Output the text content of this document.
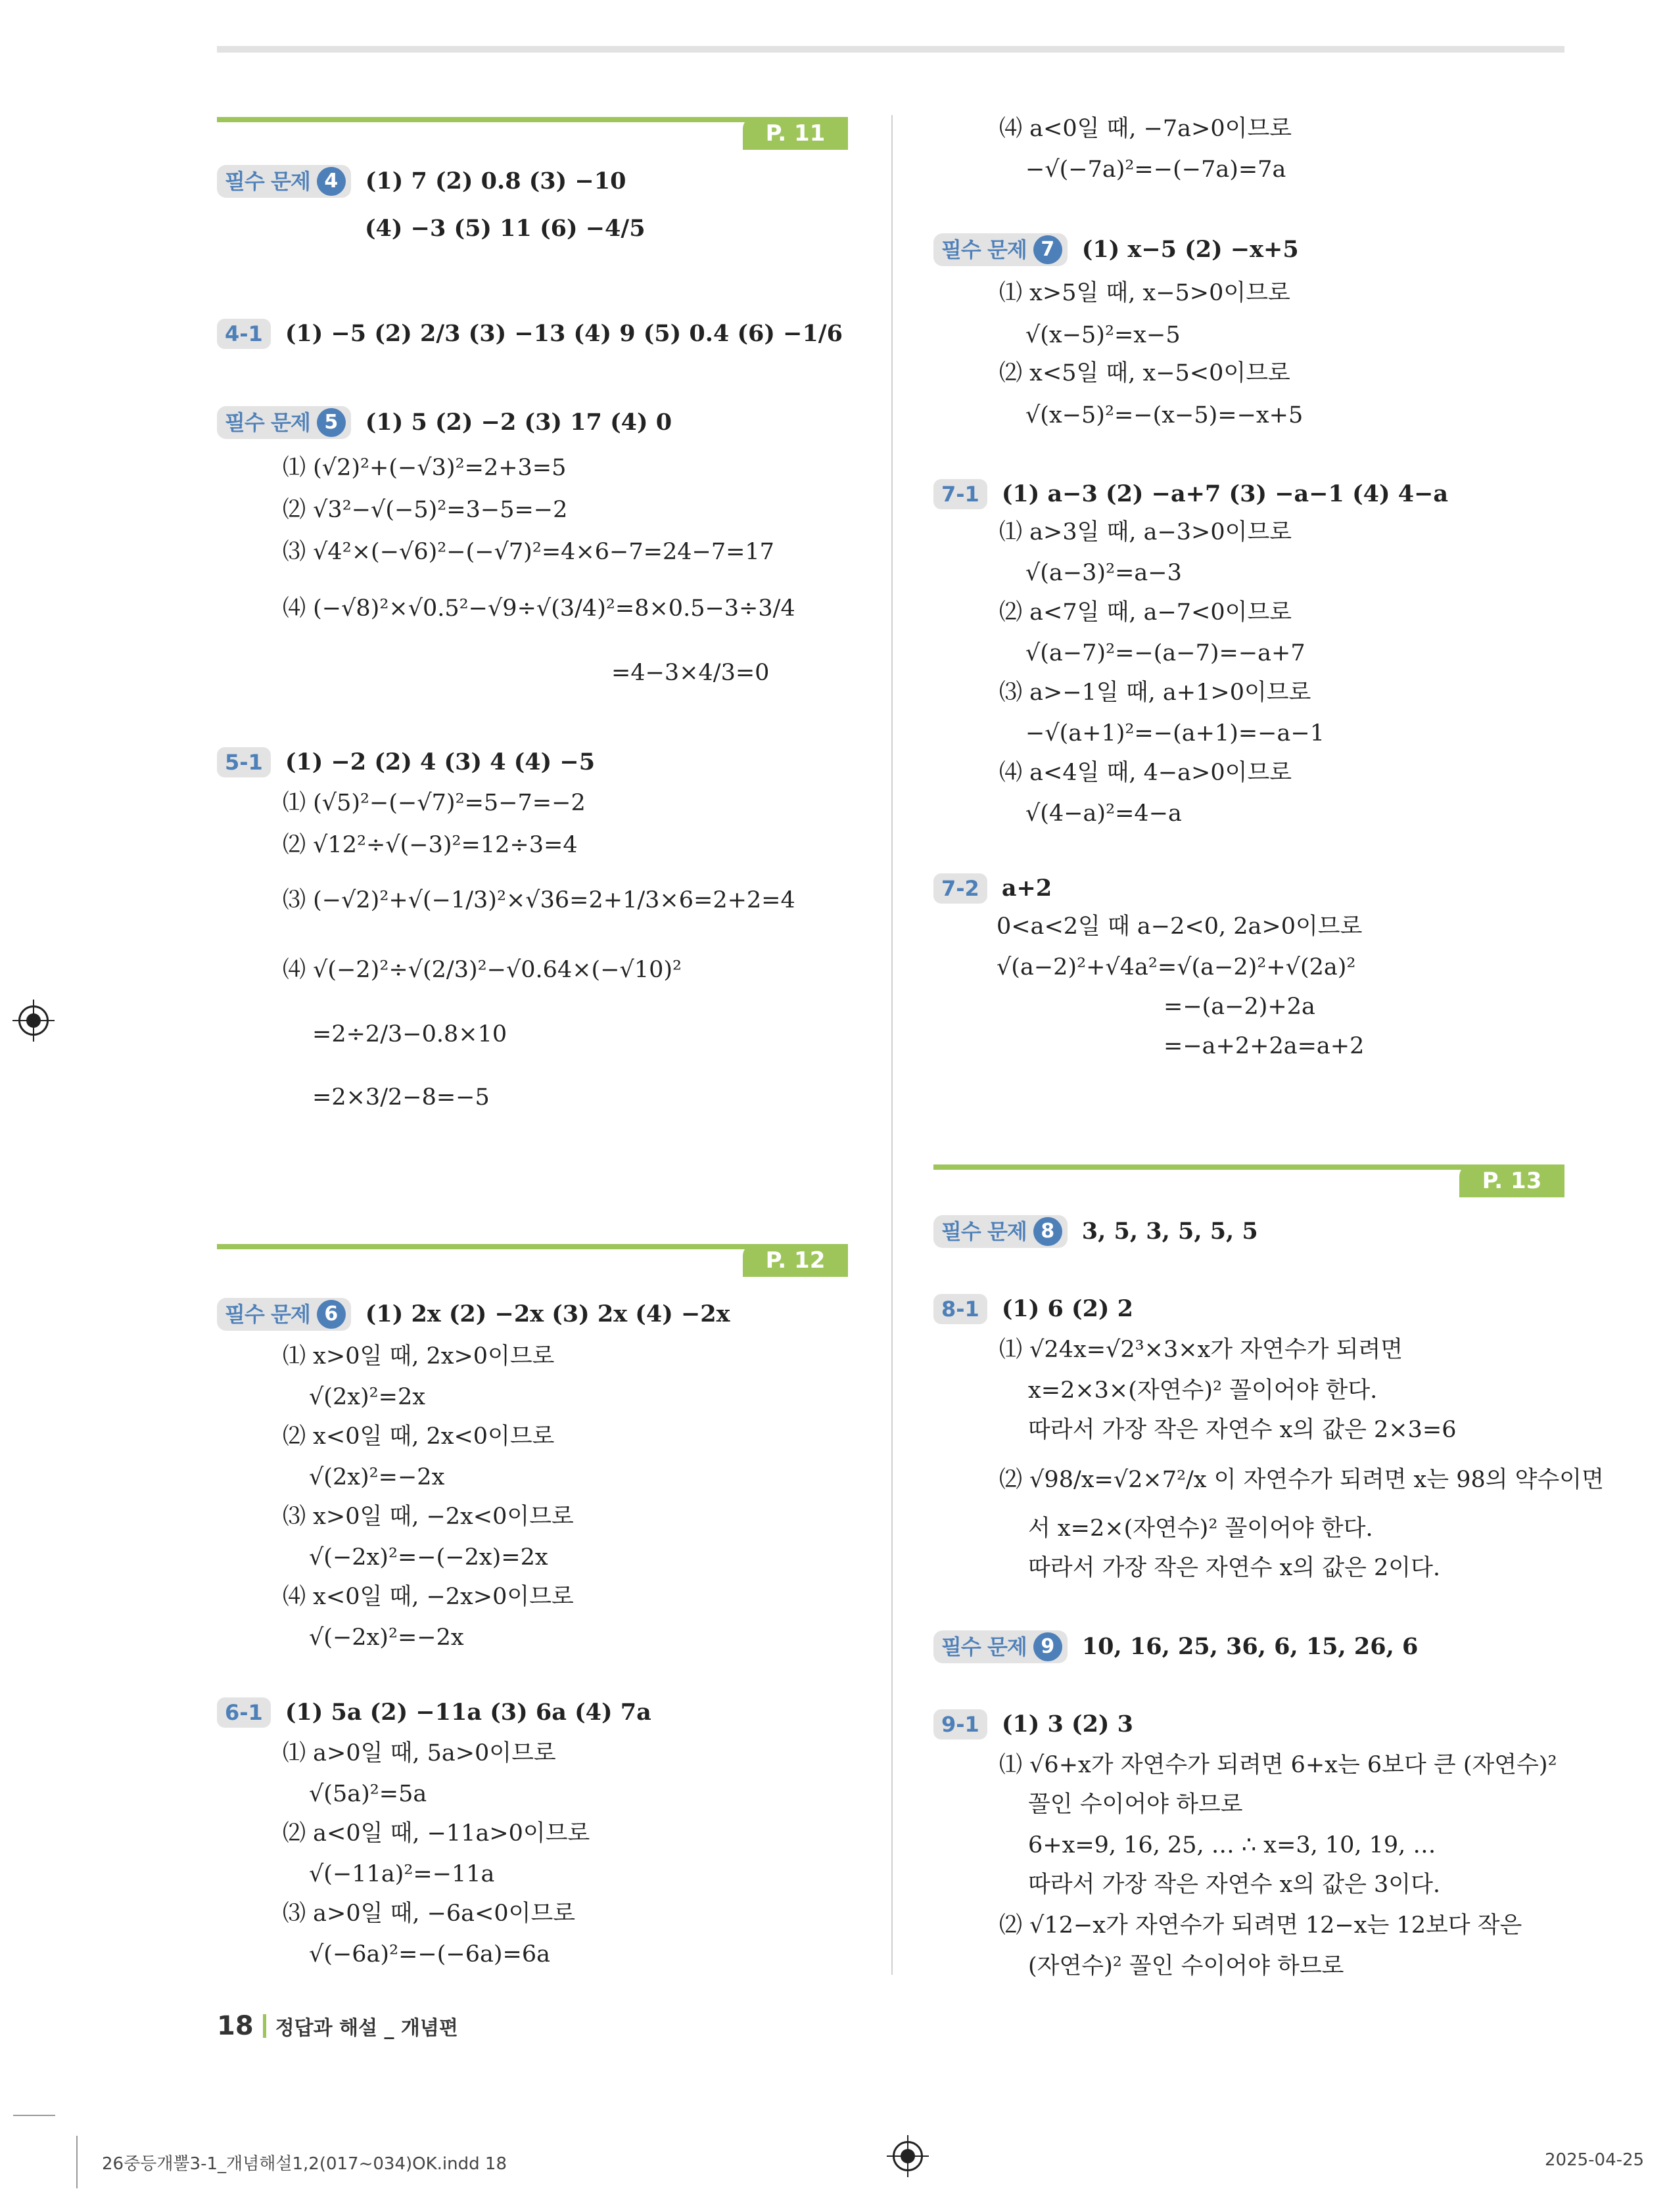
P. 11
필수 문제 4	(1) 7 (2) 0.8 (3) −10
(4) −3 (5) 11 (6) −4/5
4-1 (1) −5 (2) 2/3 (3) −13 (4) 9 (5) 0.4 (6) −1/6
필수 문제 5	(1) 5 (2) −2 (3) 17 (4) 0
⑴ (√2)²+(−√3)²=2+3=5
⑵ √3²−√(−5)²=3−5=−2
⑶ √4²×(−√6)²−(−√7)²=4×6−7=24−7=17
⑷ (−√8)²×√0.5²−√9÷√(3/4)²=8×0.5−3÷3/4
=4−3×4/3=0
5-1 (1) −2 (2) 4 (3) 4 (4) −5
⑴ (√5)²−(−√7)²=5−7=−2
⑵ √12²÷√(−3)²=12÷3=4
⑶ (−√2)²+√(−1/3)²×√36=2+1/3×6=2+2=4
⑷ √(−2)²÷√(2/3)²−√0.64×(−√10)²
=2÷2/3−0.8×10
=2×3/2−8=−5
P. 12
필수 문제 6	(1) 2x (2) −2x (3) 2x (4) −2x
⑴ x>0일 때, 2x>0이므로
√(2x)²=2x
⑵ x<0일 때, 2x<0이므로
√(2x)²=−2x
⑶ x>0일 때, −2x<0이므로
√(−2x)²=−(−2x)=2x
⑷ x<0일 때, −2x>0이므로
√(−2x)²=−2x
6-1 (1) 5a (2) −11a (3) 6a (4) 7a
⑴ a>0일 때, 5a>0이므로
√(5a)²=5a
⑵ a<0일 때, −11a>0이므로
√(−11a)²=−11a
⑶ a>0일 때, −6a<0이므로
√(−6a)²=−(−6a)=6a
⑷ a<0일 때, −7a>0이므로
−√(−7a)²=−(−7a)=7a
필수 문제 7	(1) x−5 (2) −x+5
⑴ x>5일 때, x−5>0이므로
√(x−5)²=x−5
⑵ x<5일 때, x−5<0이므로
√(x−5)²=−(x−5)=−x+5
7-1 (1) a−3 (2) −a+7 (3) −a−1 (4) 4−a
⑴ a>3일 때, a−3>0이므로
√(a−3)²=a−3
⑵ a<7일 때, a−7<0이므로
√(a−7)²=−(a−7)=−a+7
⑶ a>−1일 때, a+1>0이므로
−√(a+1)²=−(a+1)=−a−1
⑷ a<4일 때, 4−a>0이므로
√(4−a)²=4−a
7-2 a+2
0<a<2일 때 a−2<0, 2a>0이므로
√(a−2)²+√4a²=√(a−2)²+√(2a)²
=−(a−2)+2a
=−a+2+2a=a+2
P. 13
필수 문제 8	3, 5, 3, 5, 5, 5
8-1 (1) 6 (2) 2
⑴ √24x=√2³×3×x가 자연수가 되려면
x=2×3×(자연수)² 꼴이어야 한다.
따라서 가장 작은 자연수 x의 값은 2×3=6
⑵ √98/x=√2×7²/x 이 자연수가 되려면 x는 98의 약수이면
서 x=2×(자연수)² 꼴이어야 한다.
따라서 가장 작은 자연수 x의 값은 2이다.
필수 문제 9	10, 16, 25, 36, 6, 15, 26, 6
9-1 (1) 3 (2) 3
⑴ √6+x가 자연수가 되려면 6+x는 6보다 큰 (자연수)²
꼴인 수이어야 하므로
6+x=9, 16, 25, … ∴ x=3, 10, 19, …
따라서 가장 작은 자연수 x의 값은 3이다.
⑵ √12−x가 자연수가 되려면 12−x는 12보다 작은
(자연수)² 꼴인 수이어야 하므로
18 정답과 해설 _ 개념편
26중등개뿔3-1_개념해설1,2(017~034)OK.indd 18	2025-04-25
